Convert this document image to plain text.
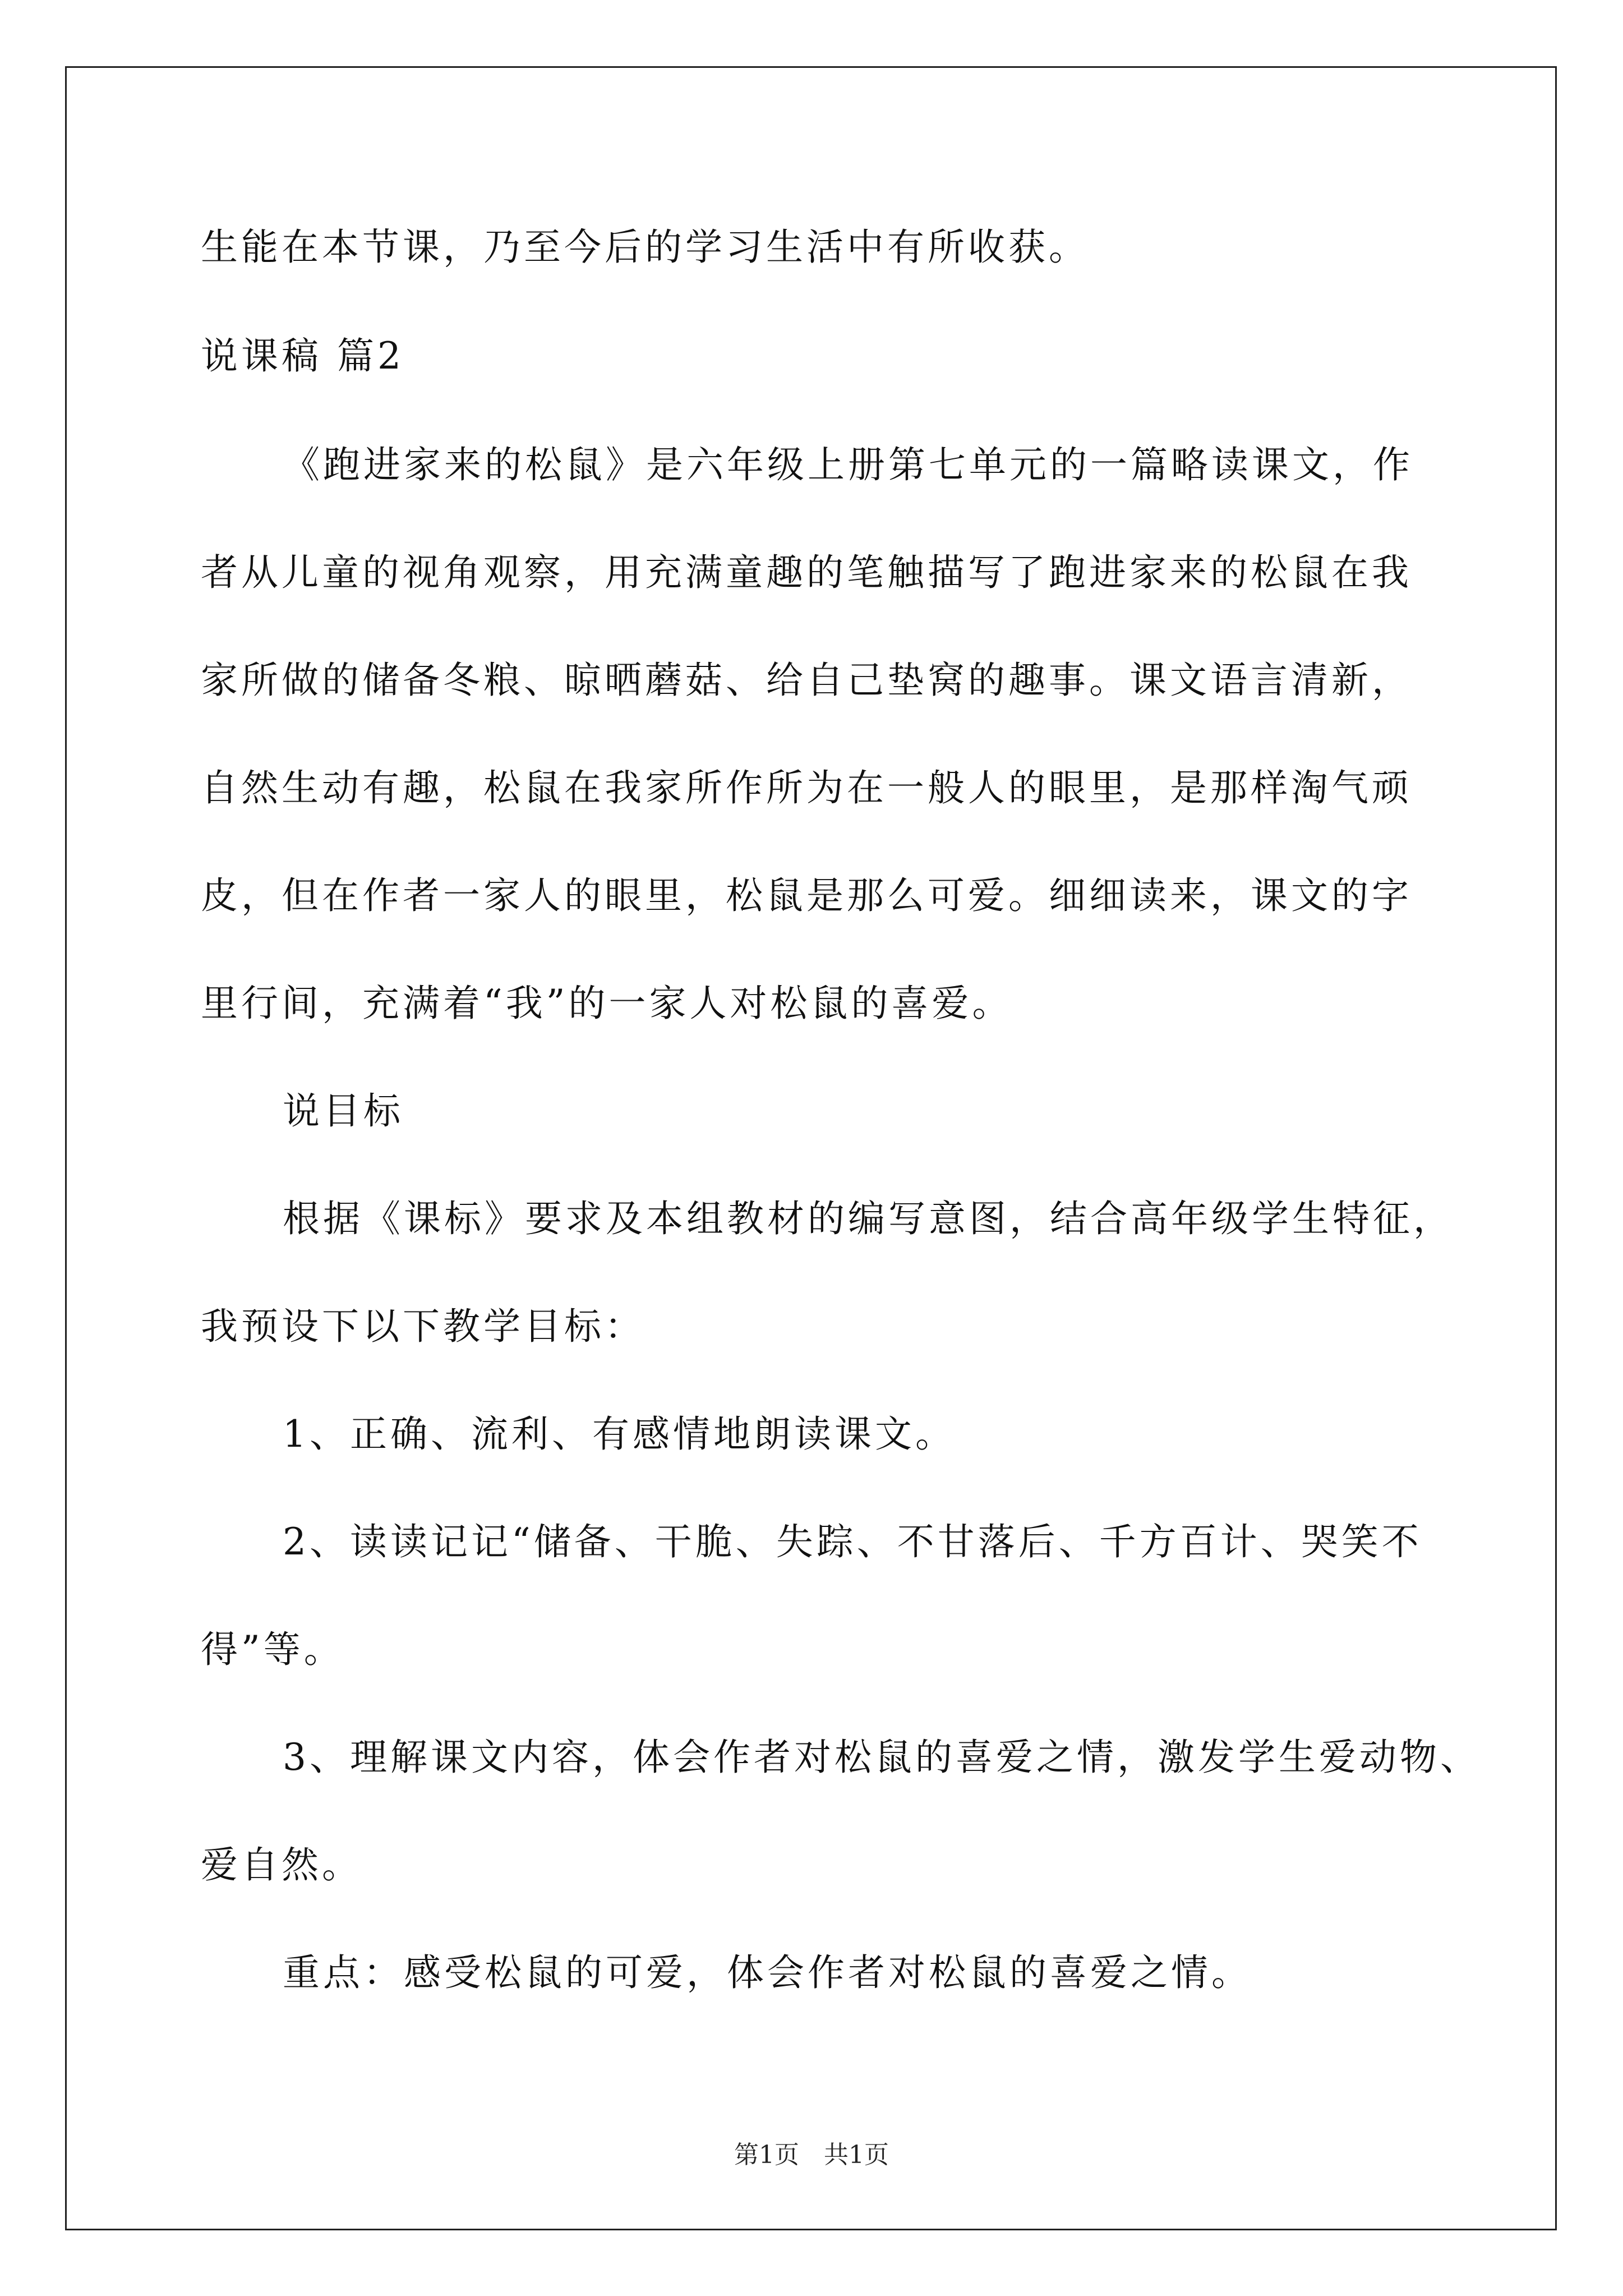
生能在本节课，乃至今后的学习生活中有所收获。
说课稿 篇2
《跑进家来的松鼠》是六年级上册第七单元的一篇略读课文，作
者从儿童的视角观察，用充满童趣的笔触描写了跑进家来的松鼠在我
家所做的储备冬粮、晾晒蘑菇、给自己垫窝的趣事。课文语言清新，
自然生动有趣，松鼠在我家所作所为在一般人的眼里，是那样淘气顽
皮，但在作者一家人的眼里，松鼠是那么可爱。细细读来，课文的字
里行间，充满着“我”的一家人对松鼠的喜爱。
说目标
根据《课标》要求及本组教材的编写意图，结合高年级学生特征，
我预设下以下教学目标：
1、正确、流利、有感情地朗读课文。
2、读读记记“储备、干脆、失踪、不甘落后、千方百计、哭笑不
得”等。
3、理解课文内容，体会作者对松鼠的喜爱之情，激发学生爱动物、
爱自然。
重点：感受松鼠的可爱，体会作者对松鼠的喜爱之情。
第1页　共1页
